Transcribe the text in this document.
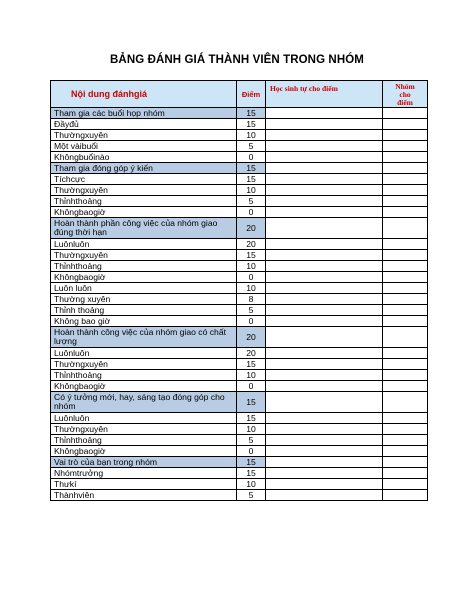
BẢNG ĐÁNH GIÁ THÀNH VIÊN TRONG NHÓM
Nội dung đánhgiá	Điểm	Học sinh tự cho điểm	Nhóm cho điểm

Tham gia các buổi họp nhóm	15		
Đầyđủ	15		
Thườngxuyên	10		
Một vàibuổi	5		
Khôngbuổinào	0		
Tham gia đóng góp ý kiến	15		
Tíchcực	15		
Thườngxuyên	10		
Thỉnhthoảng	5		
Khôngbaogiờ	0		
Hoàn thành phần công việc của nhóm giao đúng thời hạn	20		
Luônluôn	20		
Thườngxuyên	15		
Thỉnhthoảng	10		
Khôngbaogiờ	0		
Luôn luôn	10		
Thường xuyên	8		
Thỉnh thoảng	5		
Không bao giờ	0		
Hoàn thành công việc của nhóm giao có chất lượng	20		
Luônluôn	20		
Thườngxuyên	15		
Thỉnhthoảng	10		
Khôngbaogiờ	0		
Có ý tưởng mới, hay, sáng tạo đóng góp cho nhóm	15		
Luônluôn	15		
Thườngxuyên	10		
Thỉnhthoảng	5		
Khôngbaogiờ	0		
Vai trò của bạn trong nhóm	15		
Nhómtrưởng	15		
Thưkí	10		
Thànhviên	5		
